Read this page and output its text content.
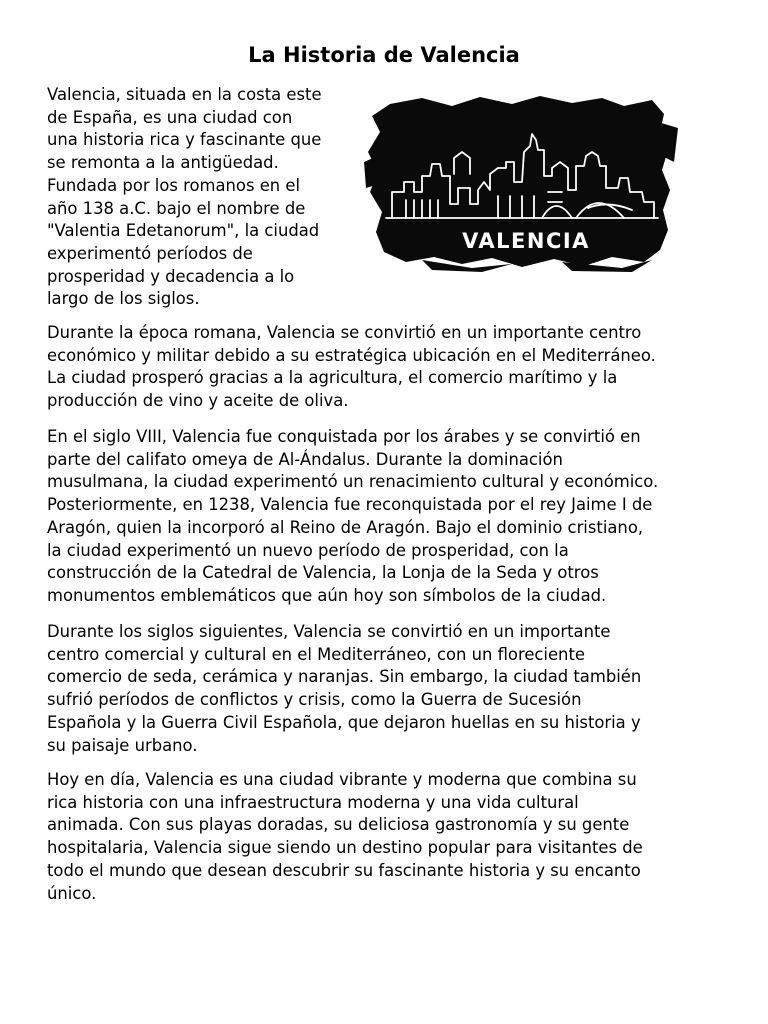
La Historia de Valencia
VALENCIA

Valencia, situada en la costa este
de España, es una ciudad con
una historia rica y fascinante que
se remonta a la antigüedad.
Fundada por los romanos en el
año 138 a.C. bajo el nombre de
"Valentia Edetanorum", la ciudad
experimentó períodos de
prosperidad y decadencia a lo
largo de los siglos.

Durante la época romana, Valencia se convirtió en un importante centro
económico y militar debido a su estratégica ubicación en el Mediterráneo.
La ciudad prosperó gracias a la agricultura, el comercio marítimo y la
producción de vino y aceite de oliva.

En el siglo VIII, Valencia fue conquistada por los árabes y se convirtió en
parte del califato omeya de Al-Ándalus. Durante la dominación
musulmana, la ciudad experimentó un renacimiento cultural y económico.
Posteriormente, en 1238, Valencia fue reconquistada por el rey Jaime I de
Aragón, quien la incorporó al Reino de Aragón. Bajo el dominio cristiano,
la ciudad experimentó un nuevo período de prosperidad, con la
construcción de la Catedral de Valencia, la Lonja de la Seda y otros
monumentos emblemáticos que aún hoy son símbolos de la ciudad.

Durante los siglos siguientes, Valencia se convirtió en un importante
centro comercial y cultural en el Mediterráneo, con un floreciente
comercio de seda, cerámica y naranjas. Sin embargo, la ciudad también
sufrió períodos de conflictos y crisis, como la Guerra de Sucesión
Española y la Guerra Civil Española, que dejaron huellas en su historia y
su paisaje urbano.

Hoy en día, Valencia es una ciudad vibrante y moderna que combina su
rica historia con una infraestructura moderna y una vida cultural
animada. Con sus playas doradas, su deliciosa gastronomía y su gente
hospitalaria, Valencia sigue siendo un destino popular para visitantes de
todo el mundo que desean descubrir su fascinante historia y su encanto
único.
